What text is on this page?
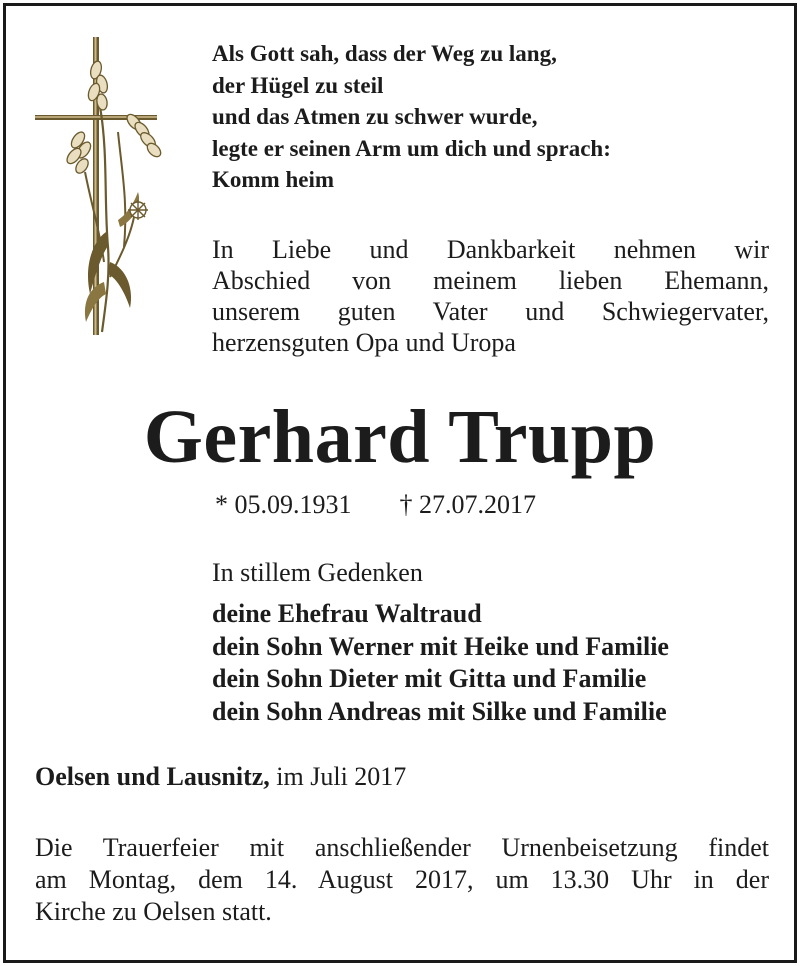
Als Gott sah, dass der Weg zu lang,
der Hügel zu steil
und das Atmen zu schwer wurde,
legte er seinen Arm um dich und sprach:
Komm heim
In Liebe und Dankbarkeit nehmen wir
Abschied von meinem lieben Ehemann,
unserem guten Vater und Schwiegervater,
herzensguten Opa und Uropa
Gerhard Trupp
* 05.09.1931 † 27.07.2017
In stillem Gedenken
deine Ehefrau Waltraud
dein Sohn Werner mit Heike und Familie
dein Sohn Dieter mit Gitta und Familie
dein Sohn Andreas mit Silke und Familie
Oelsen und Lausnitz, im Juli 2017
Die Trauerfeier mit anschließender Urnenbeisetzung findet
am Montag, dem 14. August 2017, um 13.30 Uhr in der
Kirche zu Oelsen statt.
